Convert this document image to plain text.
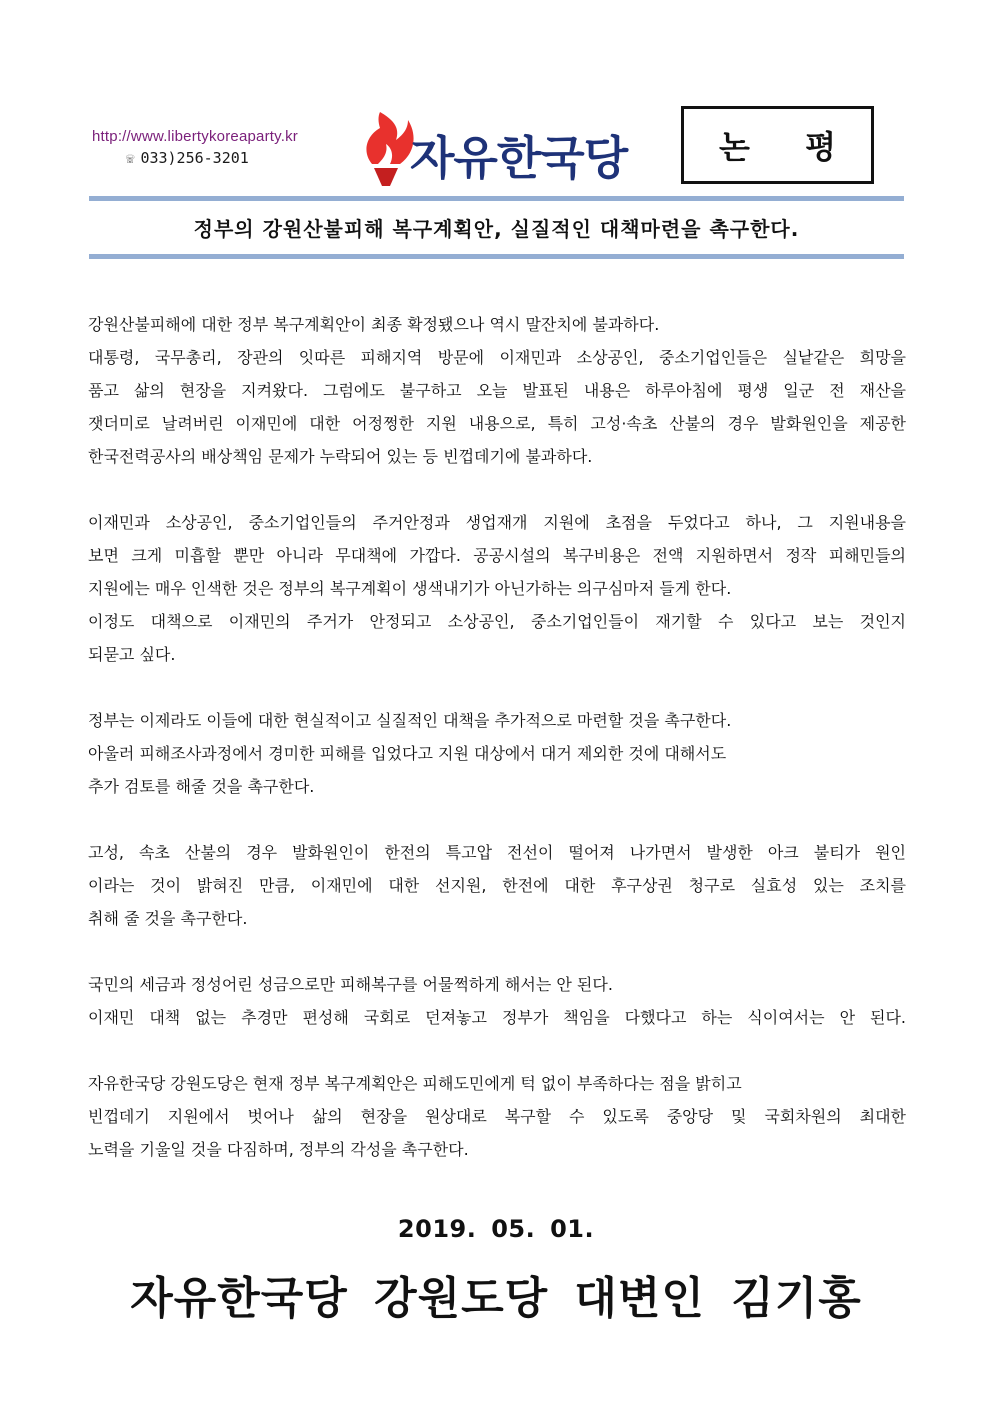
http://www.libertykoreaparty.kr
☏ 033)256-3201	자유한국당	논 평
정부의 강원산불피해 복구계획안, 실질적인 대책마련을 촉구한다.
강원산불피해에 대한 정부 복구계획안이 최종 확정됐으나 역시 말잔치에 불과하다.
대통령, 국무총리, 장관의 잇따른 피해지역 방문에 이재민과 소상공인, 중소기업인들은 실낱같은 희망을
품고 삶의 현장을 지켜왔다. 그럼에도 불구하고 오늘 발표된 내용은 하루아침에 평생 일군 전 재산을
잿더미로 날려버린 이재민에 대한 어정쩡한 지원 내용으로, 특히 고성·속초 산불의 경우 발화원인을 제공한
한국전력공사의 배상책임 문제가 누락되어 있는 등 빈껍데기에 불과하다.
이재민과 소상공인, 중소기업인들의 주거안정과 생업재개 지원에 초점을 두었다고 하나, 그 지원내용을
보면 크게 미흡할 뿐만 아니라 무대책에 가깝다. 공공시설의 복구비용은 전액 지원하면서 정작 피해민들의
지원에는 매우 인색한 것은 정부의 복구계획이 생색내기가 아닌가하는 의구심마저 들게 한다.
이정도 대책으로 이재민의 주거가 안정되고 소상공인, 중소기업인들이 재기할 수 있다고 보는 것인지
되묻고 싶다.
정부는 이제라도 이들에 대한 현실적이고 실질적인 대책을 추가적으로 마련할 것을 촉구한다.
아울러 피해조사과정에서 경미한 피해를 입었다고 지원 대상에서 대거 제외한 것에 대해서도
추가 검토를 해줄 것을 촉구한다.
고성, 속초 산불의 경우 발화원인이 한전의 특고압 전선이 떨어져 나가면서 발생한 아크 불티가 원인
이라는 것이 밝혀진 만큼, 이재민에 대한 선지원, 한전에 대한 후구상권 청구로 실효성 있는 조치를
취해 줄 것을 촉구한다.
국민의 세금과 정성어린 성금으로만 피해복구를 어물쩍하게 해서는 안 된다.
이재민 대책 없는 추경만 편성해 국회로 던져놓고 정부가 책임을 다했다고 하는 식이여서는 안 된다.
자유한국당 강원도당은 현재 정부 복구계획안은 피해도민에게 턱 없이 부족하다는 점을 밝히고
빈껍데기 지원에서 벗어나 삶의 현장을 원상대로 복구할 수 있도록 중앙당 및 국회차원의 최대한
노력을 기울일 것을 다짐하며, 정부의 각성을 촉구한다.
2019. 05. 01.
자유한국당 강원도당 대변인 김기홍
